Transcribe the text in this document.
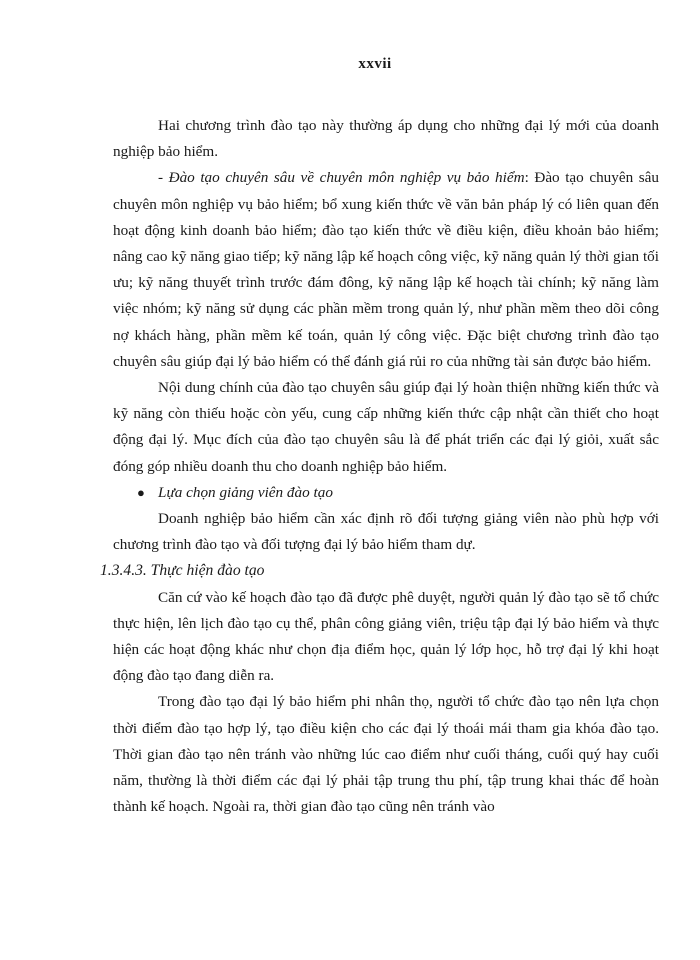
xxvii

Hai chương trình đào tạo này thường áp dụng cho những đại lý mới của doanh nghiệp bảo hiểm.

- Đào tạo chuyên sâu về chuyên môn nghiệp vụ bảo hiểm: Đào tạo chuyên sâu chuyên môn nghiệp vụ bảo hiểm; bổ xung kiến thức về văn bản pháp lý có liên quan đến hoạt động kinh doanh bảo hiểm; đào tạo kiến thức về điều kiện, điều khoản bảo hiểm; nâng cao kỹ năng giao tiếp; kỹ năng lập kế hoạch công việc, kỹ năng quản lý thời gian tối ưu; kỹ năng thuyết trình trước đám đông, kỹ năng lập kế hoạch tài chính; kỹ năng làm việc nhóm; kỹ năng sử dụng các phần mềm trong quản lý, như phần mềm theo dõi công nợ khách hàng, phần mềm kế toán, quản lý công việc. Đặc biệt chương trình đào tạo chuyên sâu giúp đại lý bảo hiểm có thể đánh giá rủi ro của những tài sản được bảo hiểm.

Nội dung chính của đào tạo chuyên sâu giúp đại lý hoàn thiện những kiến thức và kỹ năng còn thiếu hoặc còn yếu, cung cấp những kiến thức cập nhật cần thiết cho hoạt động đại lý. Mục đích của đào tạo chuyên sâu là để phát triển các đại lý giỏi, xuất sắc đóng góp nhiều doanh thu cho doanh nghiệp bảo hiểm.

● Lựa chọn giảng viên đào tạo

Doanh nghiệp bảo hiểm cần xác định rõ đối tượng giảng viên nào phù hợp với chương trình đào tạo và đối tượng đại lý bảo hiểm tham dự.

1.3.4.3. Thực hiện đào tạo

Căn cứ vào kế hoạch đào tạo đã được phê duyệt, người quản lý đào tạo sẽ tổ chức thực hiện, lên lịch đào tạo cụ thể, phân công giảng viên, triệu tập đại lý bảo hiểm và thực hiện các hoạt động khác như chọn địa điểm học, quản lý lớp học, hỗ trợ đại lý khi hoạt động đào tạo đang diễn ra.

Trong đào tạo đại lý bảo hiểm phi nhân thọ, người tổ chức đào tạo nên lựa chọn thời điểm đào tạo hợp lý, tạo điều kiện cho các đại lý thoái mái tham gia khóa đào tạo. Thời gian đào tạo nên tránh vào những lúc cao điểm như cuối tháng, cuối quý hay cuối năm, thường là thời điểm các đại lý phải tập trung thu phí, tập trung khai thác để hoàn thành kế hoạch. Ngoài ra, thời gian đào tạo cũng nên tránh vào
